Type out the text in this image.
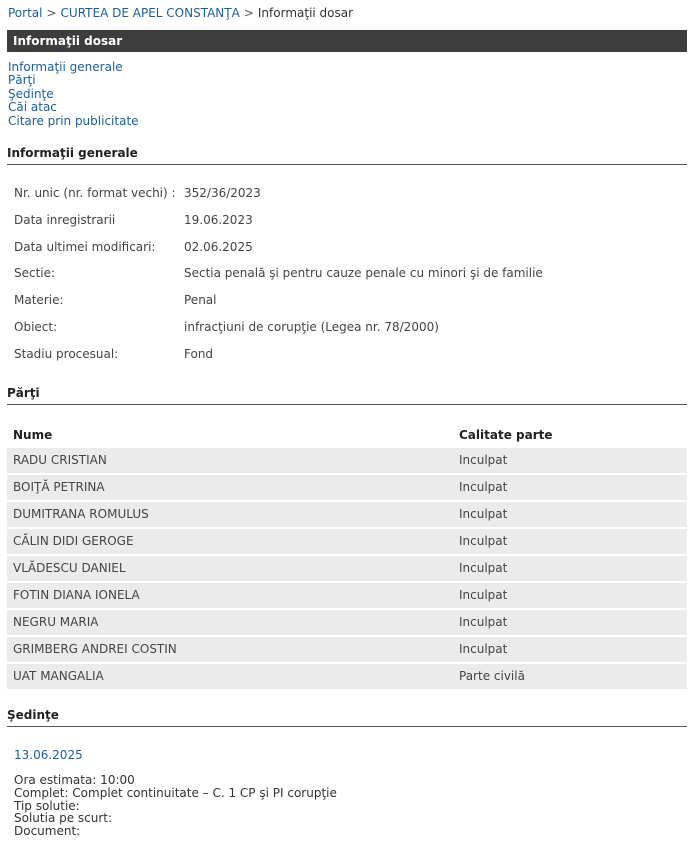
Portal > CURTEA DE APEL CONSTANŢA > Informaţii dosar
Informaţii dosar
Informaţii generale
Părţi
Şedinţe
Căi atac
Citare prin publicitate
Informaţii generale
Nr. unic (nr. format vechi) : 352/36/2023
Data inregistrarii	19.06.2023
Data ultimei modificari:	02.06.2025
Sectie:	Sectia penală şi pentru cauze penale cu minori şi de familie
Materie:	Penal
Obiect:	infracţiuni de corupţie (Legea nr. 78/2000)
Stadiu procesual:	Fond
Părţi
Nume	Calitate parte
RADU CRISTIAN	Inculpat
BOIŢĂ PETRINA	Inculpat
DUMITRANA ROMULUS	Inculpat
CĂLIN DIDI GEROGE	Inculpat
VLĂDESCU DANIEL	Inculpat
FOTIN DIANA IONELA	Inculpat
NEGRU MARIA	Inculpat
GRIMBERG ANDREI COSTIN	Inculpat
UAT MANGALIA	Parte civilă
Şedinţe
13.06.2025
Ora estimata: 10:00
Complet: Complet continuitate – C. 1 CP şi PI corupţie
Tip solutie:
Solutia pe scurt:
Document:
